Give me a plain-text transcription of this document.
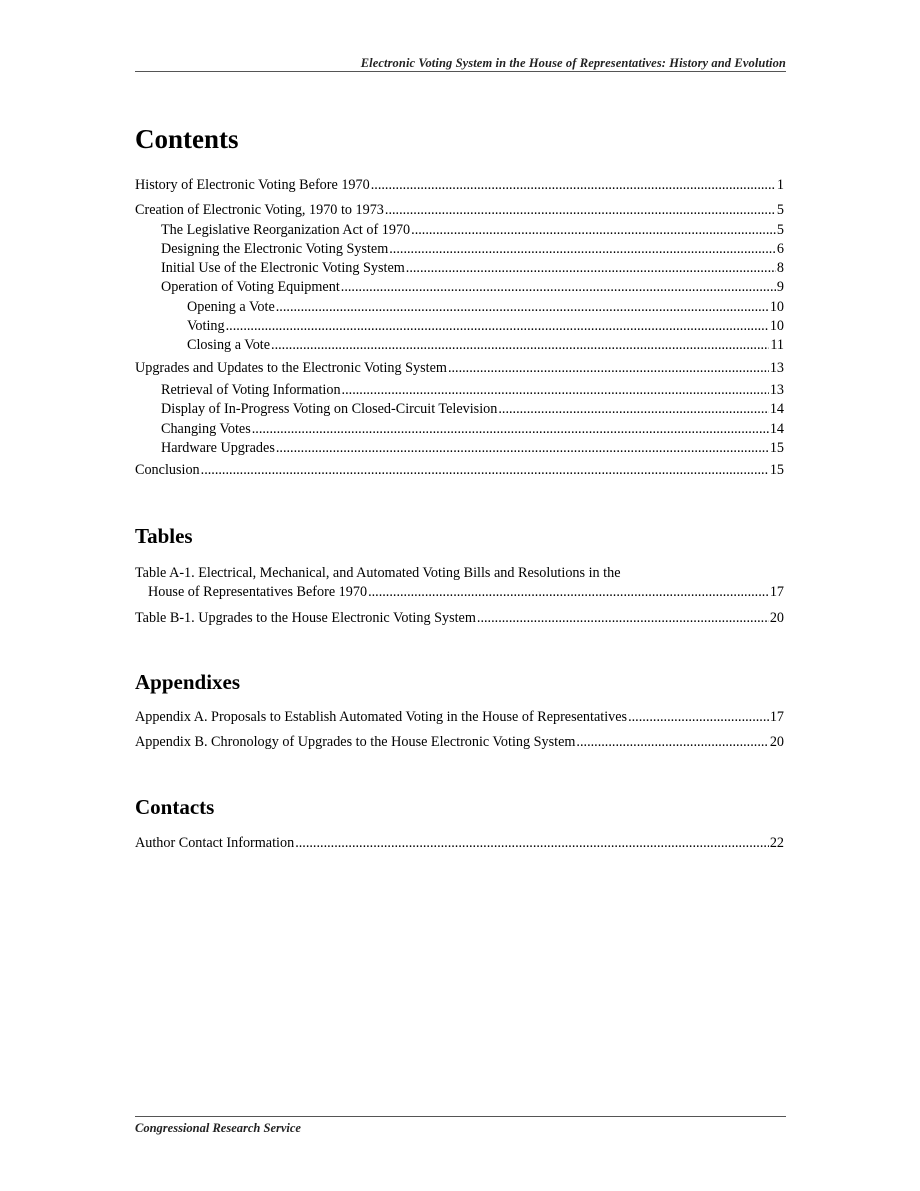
Electronic Voting System in the House of Representatives: History and Evolution
Contents
History of Electronic Voting Before 1970 .....	1
Creation of Electronic Voting, 1970 to 1973 .....	5
The Legislative Reorganization Act of 1970 .....	5
Designing the Electronic Voting System .....	6
Initial Use of the Electronic Voting System .....	8
Operation of Voting Equipment .....	9
Opening a Vote .....	10
Voting .....	10
Closing a Vote .....	11
Upgrades and Updates to the Electronic Voting System .....	13
Retrieval of Voting Information .....	13
Display of In-Progress Voting on Closed-Circuit Television .....	14
Changing Votes .....	14
Hardware Upgrades .....	15
Conclusion .....	15
Tables
Table A-1. Electrical, Mechanical, and Automated Voting Bills and Resolutions in the
House of Representatives Before 1970 .....	17
Table B-1. Upgrades to the House Electronic Voting System .....	20
Appendixes
Appendix A. Proposals to Establish Automated Voting in the House of Representatives .....	17
Appendix B. Chronology of Upgrades to the House Electronic Voting System .....	20
Contacts
Author Contact Information .....	22
Congressional Research Service
